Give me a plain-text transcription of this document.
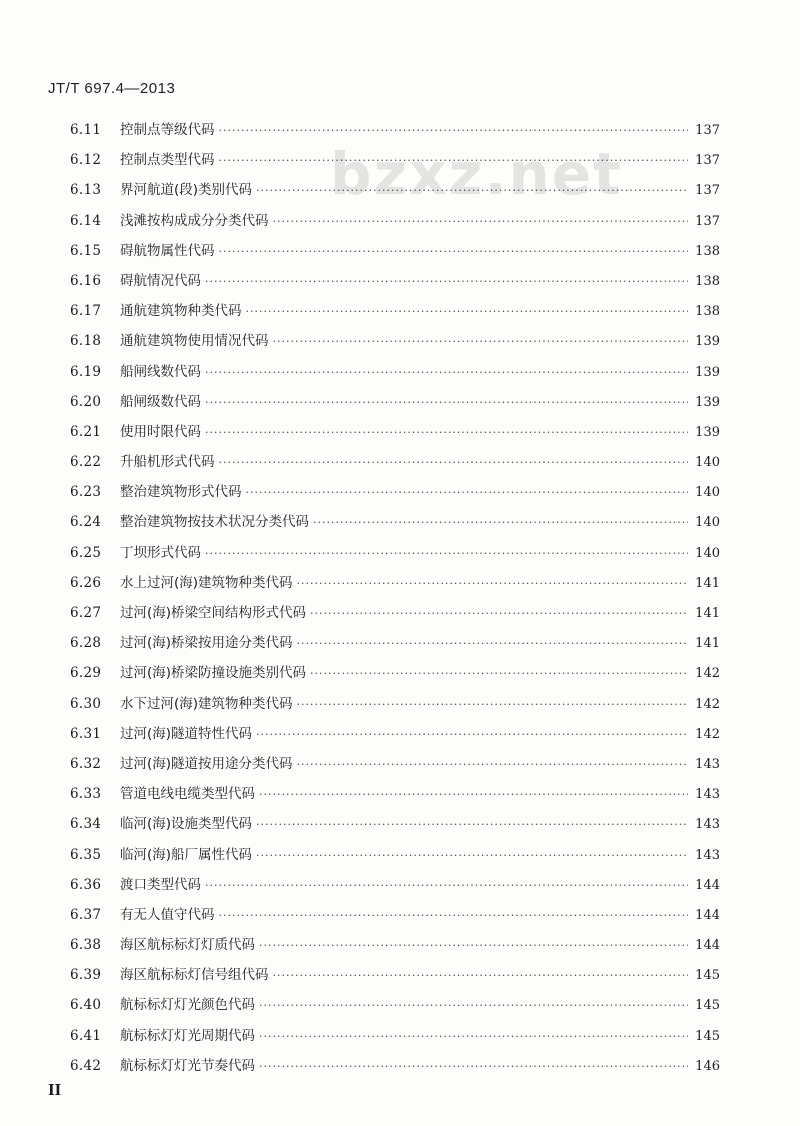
JT/T 697.4—2013
bzxz.net
6.11	控制点等级代码 ·····	137
6.12	控制点类型代码 ·····	137
6.13	界河航道(段)类别代码 ·····	137
6.14	浅滩按构成成分分类代码 ·····	137
6.15	碍航物属性代码 ·····	138
6.16	碍航情况代码 ·····	138
6.17	通航建筑物种类代码 ·····	138
6.18	通航建筑物使用情况代码 ·····	139
6.19	船闸线数代码 ·····	139
6.20	船闸级数代码 ·····	139
6.21	使用时限代码 ·····	139
6.22	升船机形式代码 ·····	140
6.23	整治建筑物形式代码 ·····	140
6.24	整治建筑物按技术状况分类代码 ·····	140
6.25	丁坝形式代码 ·····	140
6.26	水上过河(海)建筑物种类代码 ·····	141
6.27	过河(海)桥梁空间结构形式代码 ·····	141
6.28	过河(海)桥梁按用途分类代码 ·····	141
6.29	过河(海)桥梁防撞设施类别代码 ·····	142
6.30	水下过河(海)建筑物种类代码 ·····	142
6.31	过河(海)隧道特性代码 ·····	142
6.32	过河(海)隧道按用途分类代码 ·····	143
6.33	管道电线电缆类型代码 ·····	143
6.34	临河(海)设施类型代码 ·····	143
6.35	临河(海)船厂属性代码 ·····	143
6.36	渡口类型代码 ·····	144
6.37	有无人值守代码 ·····	144
6.38	海区航标标灯灯质代码 ·····	144
6.39	海区航标标灯信号组代码 ·····	145
6.40	航标标灯灯光颜色代码 ·····	145
6.41	航标标灯灯光周期代码 ·····	145
6.42	航标标灯灯光节奏代码 ·····	146
II
